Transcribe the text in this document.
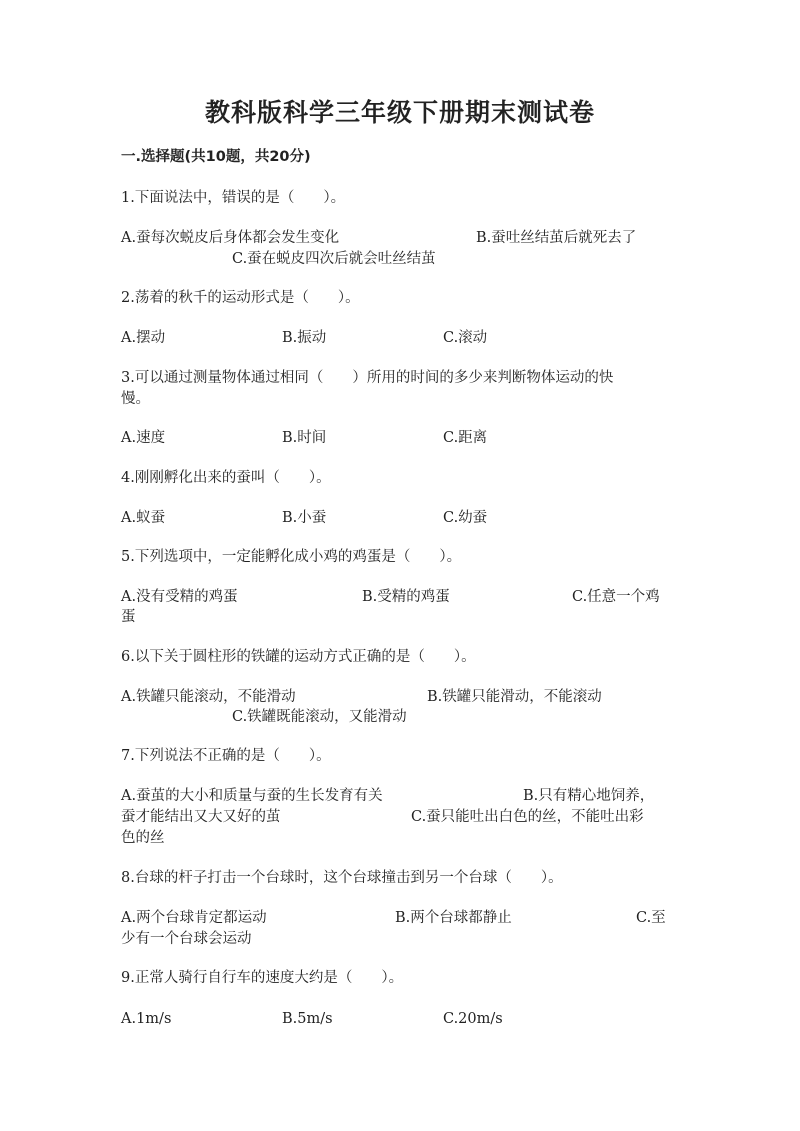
教科版科学三年级下册期末测试卷
一.选择题(共10题，共20分)
1.下面说法中，错误的是（　　）。
A.蚕每次蜕皮后身体都会发生变化	B.蚕吐丝结茧后就死去了
C.蚕在蜕皮四次后就会吐丝结茧
2.荡着的秋千的运动形式是（　　）。
A.摆动	B.振动	C.滚动
3.可以通过测量物体通过相同（　　）所用的时间的多少来判断物体运动的快
慢。
A.速度	B.时间	C.距离
4.刚刚孵化出来的蚕叫（　　）。
A.蚁蚕	B.小蚕	C.幼蚕
5.下列选项中，一定能孵化成小鸡的鸡蛋是（　　）。
A.没有受精的鸡蛋	B.受精的鸡蛋	C.任意一个鸡
蛋
6.以下关于圆柱形的铁罐的运动方式正确的是（　　）。
A.铁罐只能滚动，不能滑动	B.铁罐只能滑动，不能滚动
C.铁罐既能滚动，又能滑动
7.下列说法不正确的是（　　）。
A.蚕茧的大小和质量与蚕的生长发育有关	B.只有精心地饲养，
蚕才能结出又大又好的茧	C.蚕只能吐出白色的丝，不能吐出彩
色的丝
8.台球的杆子打击一个台球时，这个台球撞击到另一个台球（　　）。
A.两个台球肯定都运动	B.两个台球都静止	C.至
少有一个台球会运动
9.正常人骑行自行车的速度大约是（　　）。
A.1m/s	B.5m/s	C.20m/s
